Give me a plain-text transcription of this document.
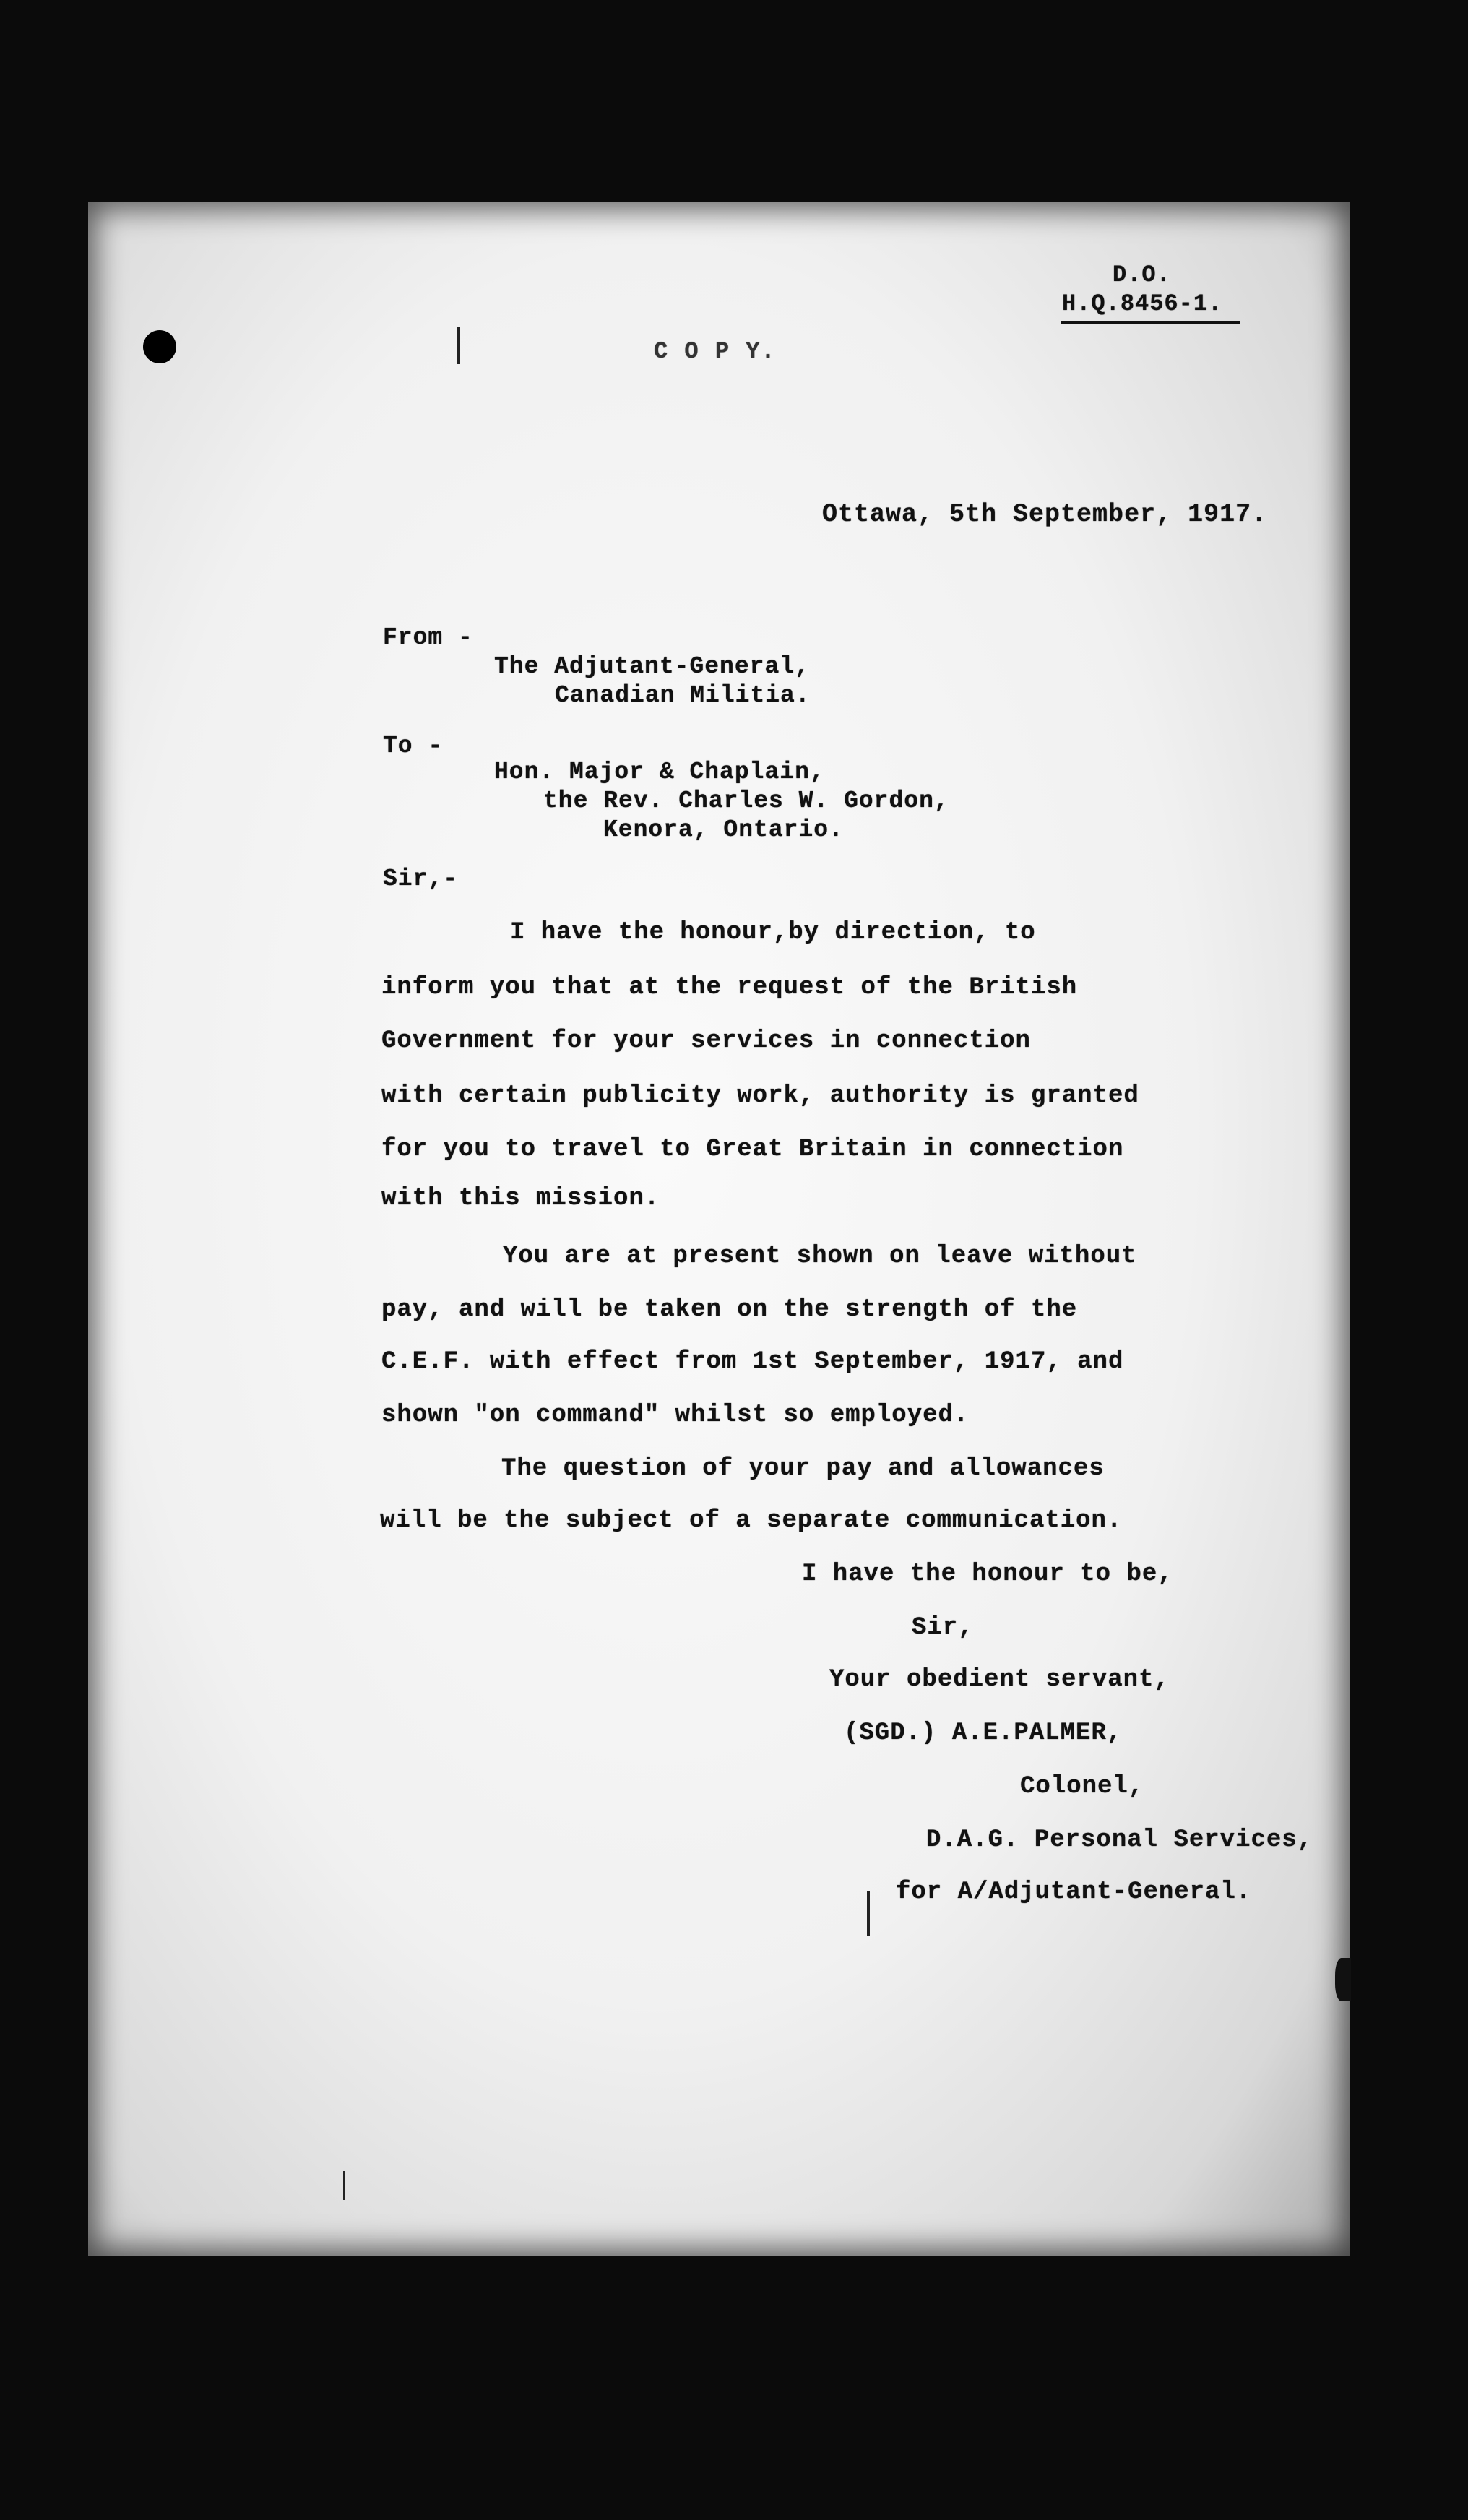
D.O.
H.Q.8456-1.
C O P Y.
Ottawa, 5th September, 1917.
From -
The Adjutant-General,
Canadian Militia.
To -
Hon. Major & Chaplain,
the Rev. Charles W. Gordon,
Kenora, Ontario.
Sir,-
I have the honour,by direction, to
inform you that at the request of the British
Government for your services in connection
with certain publicity work, authority is granted
for you to travel to Great Britain in connection
with this mission.
You are at present shown on leave without
pay, and will be taken on the strength of the
C.E.F. with effect from 1st September, 1917, and
shown "on command" whilst so employed.
The question of your pay and allowances
will be the subject of a separate communication.
I have the honour to be,
Sir,
Your obedient servant,
(SGD.) A.E.PALMER,
Colonel,
D.A.G. Personal Services,
for A/Adjutant-General.
